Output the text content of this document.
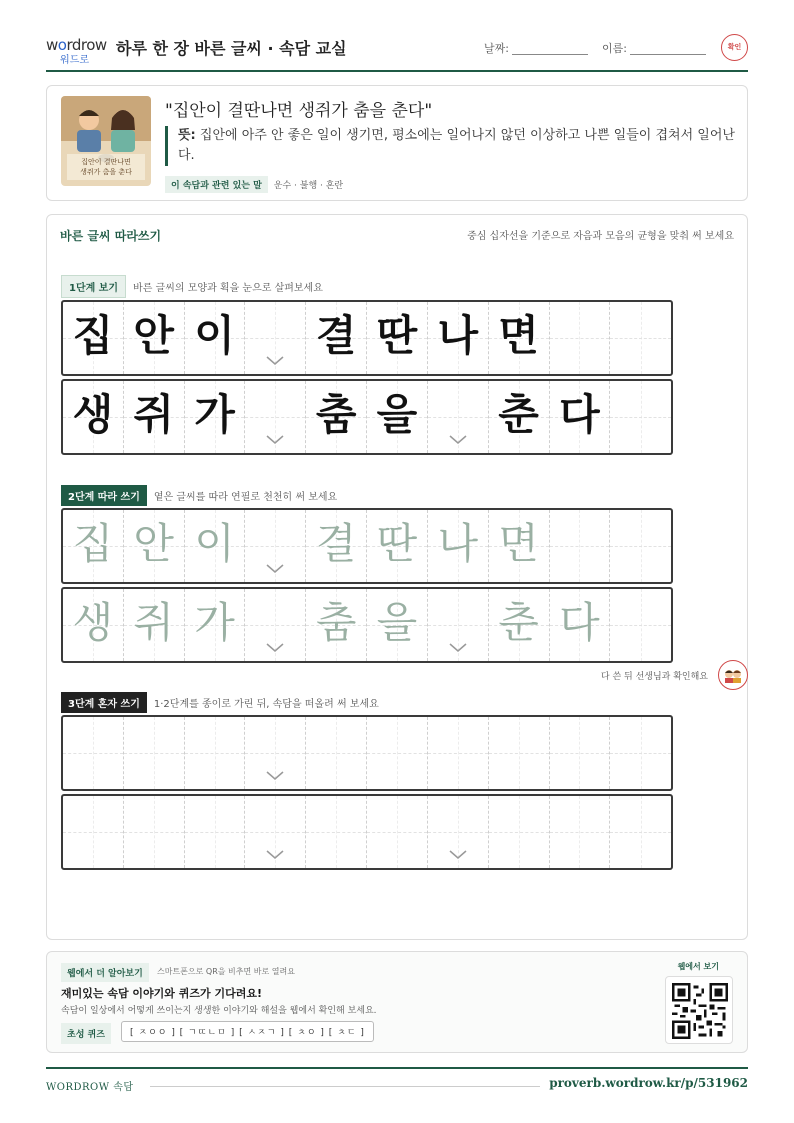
wordrow
워드로
하루 한 장 바른 글씨 · 속담 교실	날짜:	이름:	확인
집안이 결딴나면
생쥐가 춤을 춘다
"집안이 결딴나면 생쥐가 춤을 춘다"
뜻: 집안에 아주 안 좋은 일이 생기면, 평소에는 일어나지 않던 이상하고 나쁜 일들이 겹쳐서 일어난다.
이 속담과 관련 있는 말 운수 · 불행 · 혼란
바른 글씨 따라쓰기	중심 십자선을 기준으로 자음과 모음의 균형을 맞춰 써 보세요
1단계 보기	바른 글씨의 모양과 획을 눈으로 살펴보세요
집 안 이 결 딴 나 면
생 쥐 가 춤 을 춘 다
2단계 따라 쓰기	옅은 글씨를 따라 연필로 천천히 써 보세요
집 안 이 결 딴 나 면
생 쥐 가 춤 을 춘 다
3단계 혼자 쓰기	1·2단계를 종이로 가린 뒤, 속담을 떠올려 써 보세요
다 쓴 뒤 선생님과 확인해요
웹에서 더 알아보기	스마트폰으로 QR을 비추면 바로 열려요
재미있는 속담 이야기와 퀴즈가 기다려요!
속담이 일상에서 어떻게 쓰이는지 생생한 이야기와 해설을 웹에서 확인해 보세요.
초성 퀴즈	[ ㅈㅇㅇ ] [ ㄱㄸㄴㅁ ] [ ㅅㅈㄱ ] [ ㅊㅇ ] [ ㅊㄷ ]
웹에서 보기
WORDROW 속담	proverb.wordrow.kr/p/531962
